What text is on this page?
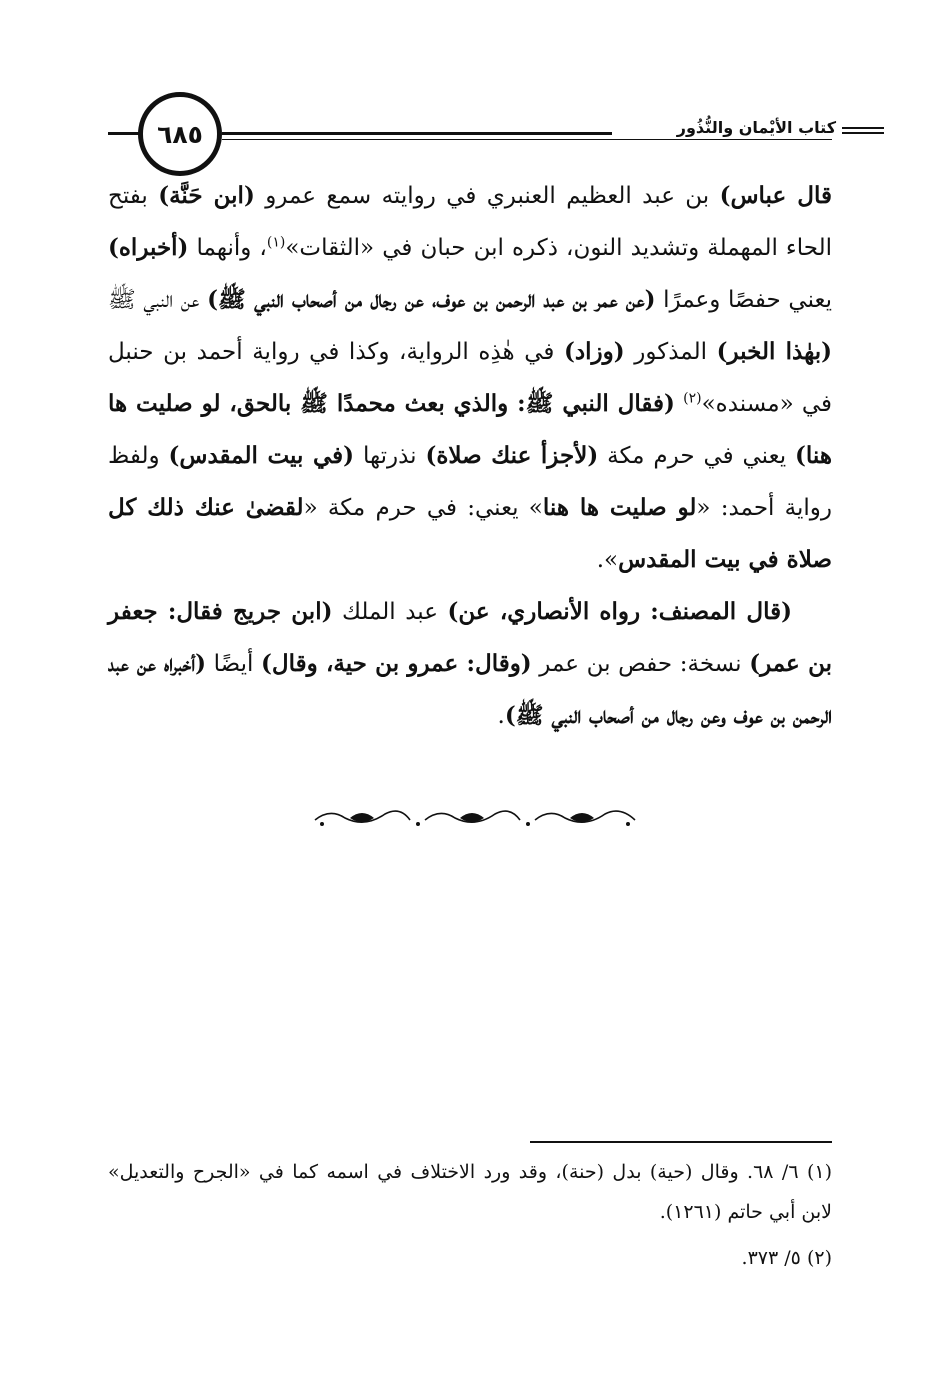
٦٨٥	كتاب الأيْمان والنُّذُور

قال عباس) بن عبد العظيم العنبري في روايته سمع عمرو (ابن حَنَّة) بفتح الحاء المهملة وتشديد النون، ذكره ابن حبان في «الثقات»$^{(١)}$، وأنهما (أخبراه) يعني حفصًا وعمرًا (عن عمر بن عبد الرحمن بن عوف، عن رجال من أصحاب النبي ﷺ) عن النبي ﷺ (بهٰذا الخبر) المذكور (وزاد) في هٰذِه الرواية، وكذا في رواية أحمد بن حنبل في «مسنده»$^{(٢)}$ (فقال النبي ﷺ: والذي بعث محمدًا ﷺ بالحق، لو صليت ها هنا) يعني في حرم مكة (لأجزأ عنك صلاة) نذرتها (في بيت المقدس) ولفظ رواية أحمد: «لو صليت ها هنا» يعني: في حرم مكة «لقضىٰ عنك ذلك كل صلاة في بيت المقدس».

(قال المصنف: رواه الأنصاري، عن) عبد الملك (ابن جريج فقال: جعفر بن عمر) نسخة: حفص بن عمر (وقال: عمرو بن حية، وقال) أيضًا (أخبراه عن عبد الرحمن بن عوف وعن رجال من أصحاب النبي ﷺ).

(١) ٦/ ٦٨. وقال (حية) بدل (حنة)، وقد ورد الاختلاف في اسمه كما في «الجرح والتعديل» لابن أبي حاتم (١٢٦١).

(٢) ٥/ ٣٧٣.
